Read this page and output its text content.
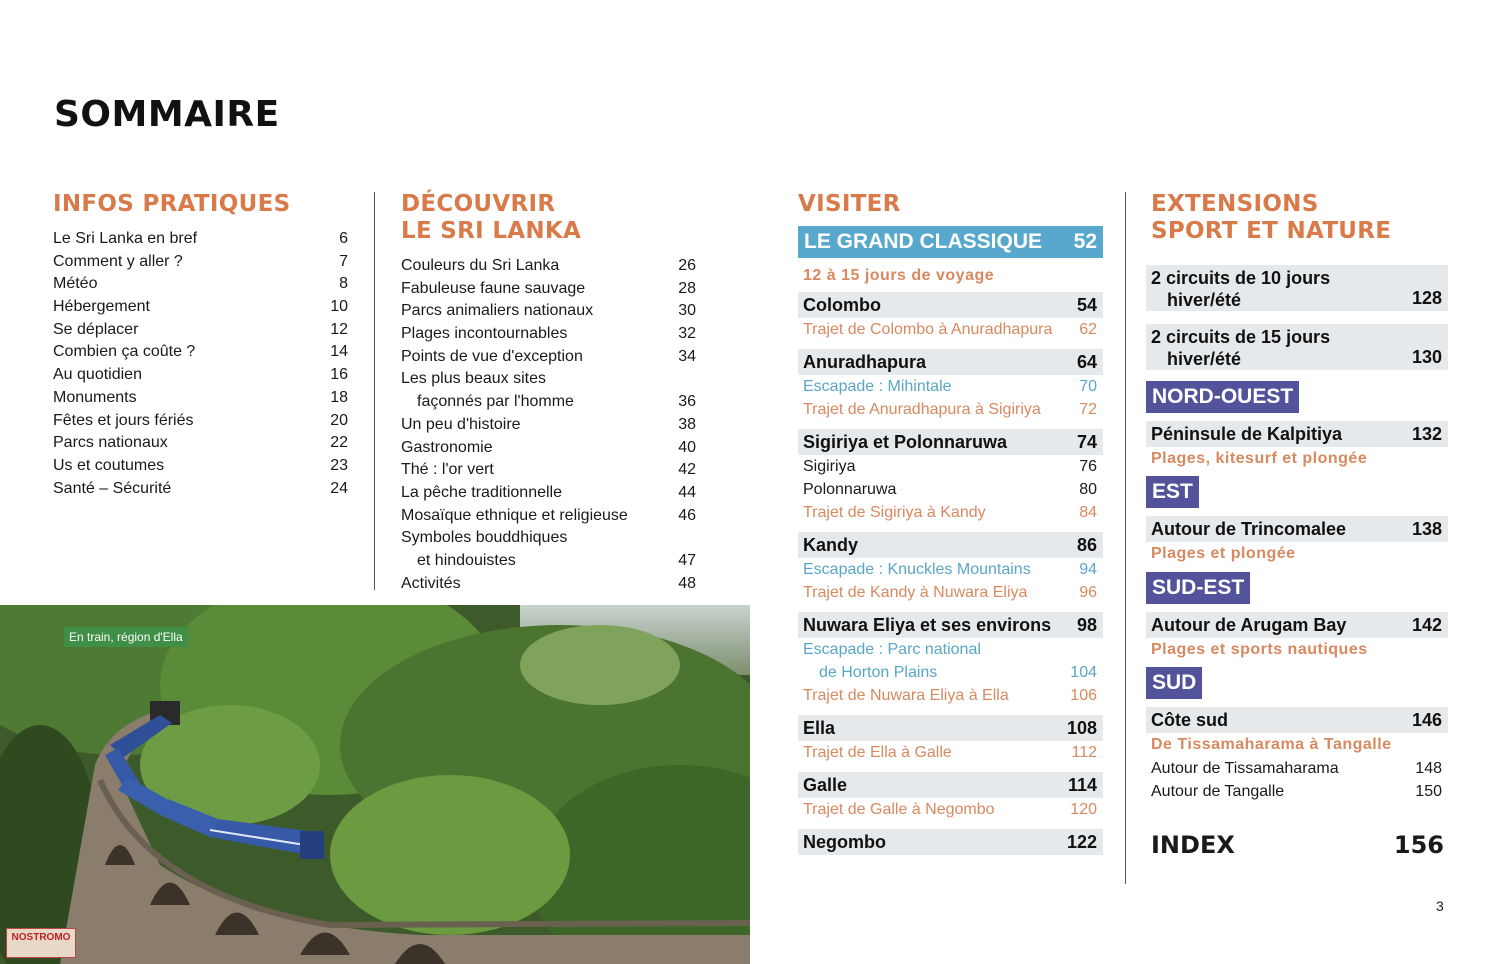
SOMMAIRE
INFOS PRATIQUES
Le Sri Lanka en bref	6
Comment y aller ?	7
Météo	8
Hébergement	10
Se déplacer	12
Combien ça coûte ?	14
Au quotidien	16
Monuments	18
Fêtes et jours fériés	20
Parcs nationaux	22
Us et coutumes	23
Santé – Sécurité	24
DÉCOUVRIR
LE SRI LANKA
Couleurs du Sri Lanka	26
Fabuleuse faune sauvage	28
Parcs animaliers nationaux	30
Plages incontournables	32
Points de vue d'exception	34
Les plus beaux sites
façonnés par l'homme	36
Un peu d'histoire	38
Gastronomie	40
Thé : l'or vert	42
La pêche traditionnelle	44
Mosaïque ethnique et religieuse	46
Symboles bouddhiques
et hindouistes	47
Activités	48
VISITER
LE GRAND CLASSIQUE 52
12 à 15 jours de voyage
Colombo	54
Trajet de Colombo à Anuradhapura 62
Anuradhapura	64
Escapade : Mihintale	70
Trajet de Anuradhapura à Sigiriya 72
Sigiriya et Polonnaruwa	74
Sigiriya	76
Polonnaruwa	80
Trajet de Sigiriya à Kandy	84
Kandy	86
Escapade : Knuckles Mountains	94
Trajet de Kandy à Nuwara Eliya	96
Nuwara Eliya et ses environs 98
Escapade : Parc national
de Horton Plains	104
Trajet de Nuwara Eliya à Ella	106
Ella	108
Trajet de Ella à Galle	112
Galle	114
Trajet de Galle à Negombo	120
Negombo	122
EXTENSIONS
SPORT ET NATURE
2 circuits de 10 jours
hiver/été	128
2 circuits de 15 jours
hiver/été	130
NORD-OUEST
Péninsule de Kalpitiya	132
Plages, kitesurf et plongée
EST
Autour de Trincomalee	138
Plages et plongée
SUD-EST
Autour de Arugam Bay	142
Plages et sports nautiques
SUD
Côte sud	146
De Tissamaharama à Tangalle
Autour de Tissamaharama	148
Autour de Tangalle	150
INDEX	156
En train, région d'Ella
NOSTROMO
3
